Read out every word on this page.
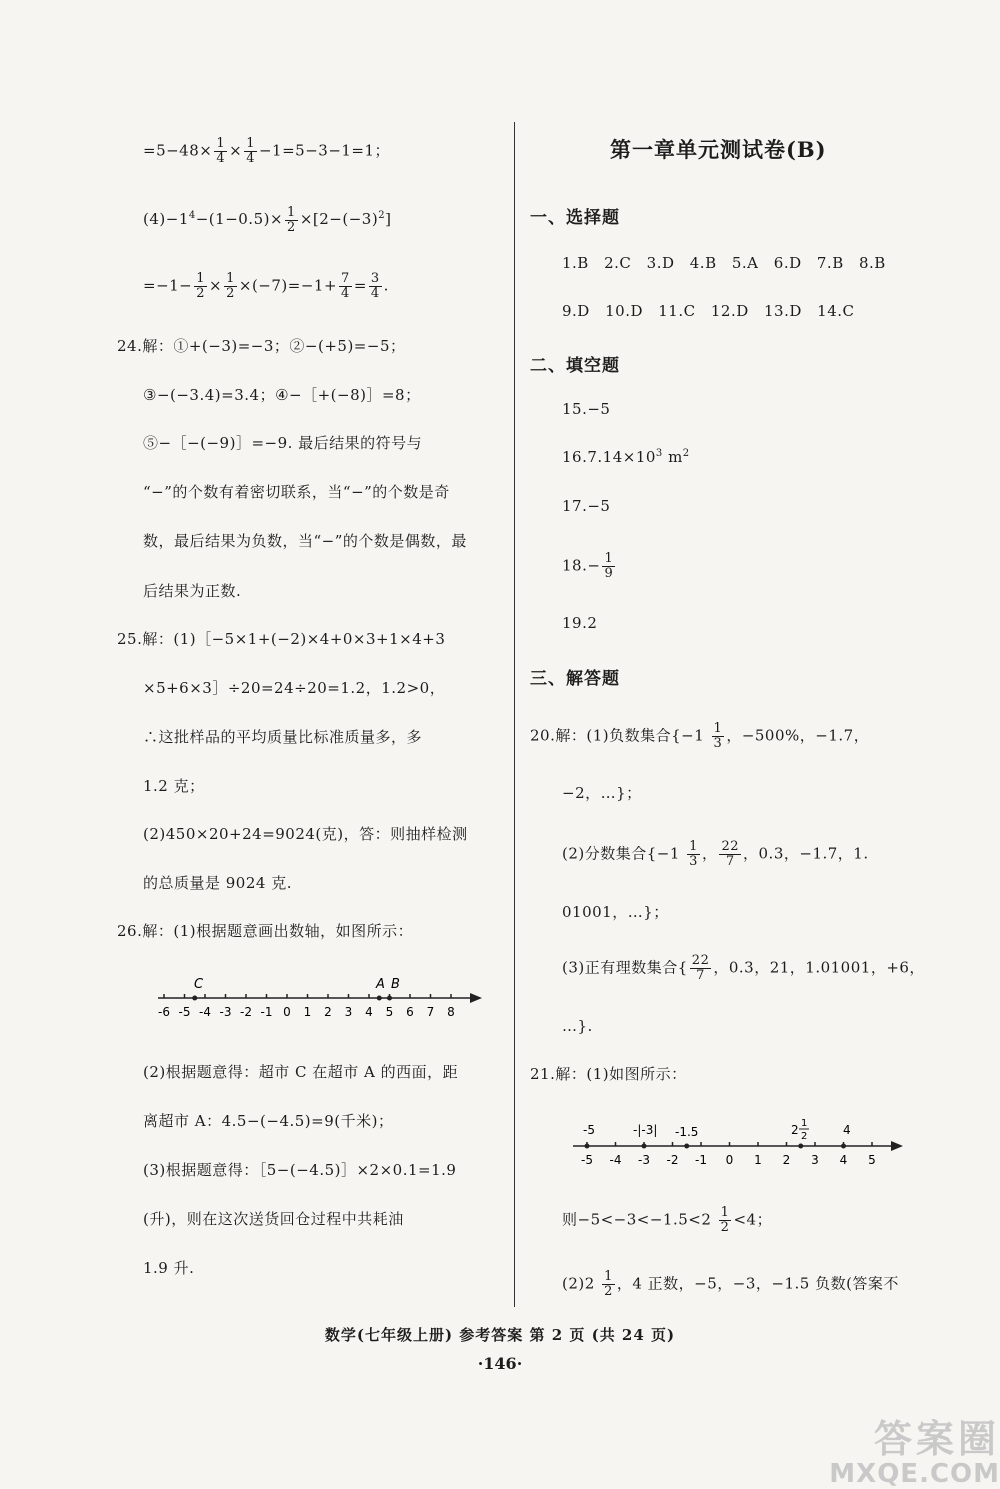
$=5-48\times \frac{1}{4} \times \frac{1}{4} -1=5-3-1=1$；
$(4)-1^4-(1-0.5)\times \frac{1}{2} \times[2-(-3)^2]$
$=-1- \frac{1}{2} \times \frac{1}{2} \times(-7)=-1+ \frac{7}{4} = \frac{3}{4}$ .
24.解：①+(−3)=−3；②−(+5)=−5；
③−(−3.4)=3.4；④−［+(−8)］=8；
⑤−［−(−9)］=−9. 最后结果的符号与
“−”的个数有着密切联系，当“−”的个数是奇
数，最后结果为负数，当“−”的个数是偶数，最
后结果为正数.
25.解：(1)［−5×1+(−2)×4+0×3+1×4+3
×5+6×3］÷20=24÷20=1.2，1.2>0，
∴这批样品的平均质量比标准质量多，多
1.2 克；
(2)450×20+24=9024(克)，答：则抽样检测
的总质量是 9024 克.
26.解：(1)根据题意画出数轴，如图所示：
-6 -5 -4 -3 -2 -1 0 1 2 3 4 5 6 7 8
C	A B
(2)根据题意得：超市 C 在超市 A 的西面，距
离超市 A：4.5−(−4.5)=9(千米)；
(3)根据题意得：［5−(−4.5)］×2×0.1=1.9
(升)，则在这次送货回仓过程中共耗油
1.9 升.
第一章单元测试卷(B)
一、选择题
1.B 2.C 3.D 4.B 5.A 6.D 7.B 8.B
9.D 10.D 11.C 12.D 13.D 14.C
二、填空题
15.−5
$16.7.14\times 10^3$ $m^2$
17.−5
$18.- \frac{1}{9}$
19.2
三、解答题
20.解：(1)负数集合{$-1 \frac{1}{3}$ ，−500%，−1.7，
−2，…}；
(2)分数集合{$-1 \frac{1}{3}$ ， $\frac{22}{7}$ ，0.3，−1.7，1.
01001，…}；
(3)正有理数集合{ $\frac{22}{7}$ ，0.3，21，1.01001，+6，
…}.
21.解：(1)如图所示：
-5 -4 -3 -2 -1 0 1 2 3 4 5
-5	-|-3| -1.5	2 1
2	4
则$-5<-3<-1.5<2 \frac{1}{2} <4$；
$(2)2 \frac{1}{2}$ ，4 正数，−5，−3，−1.5 负数(答案不
数学(七年级上册) 参考答案 第 2 页 (共 24 页)
·146·
答案圈
MXQE.COM
